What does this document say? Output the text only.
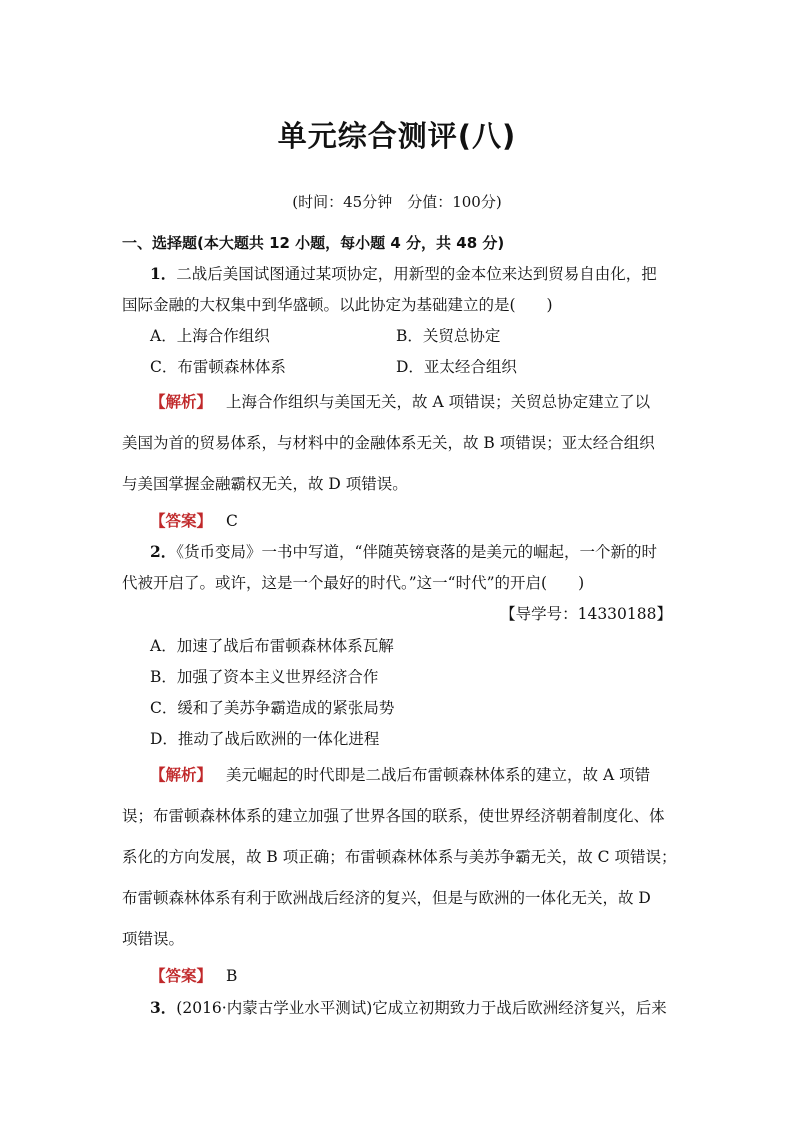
单元综合测评(八)
(时间：45分钟　分值：100分)
一、选择题(本大题共 12 小题，每小题 4 分，共 48 分)
1．二战后美国试图通过某项协定，用新型的金本位来达到贸易自由化，把
国际金融的大权集中到华盛顿。以此协定为基础建立的是(　　)
A．上海合作组织	B．关贸总协定
C．布雷顿森林体系	D．亚太经合组织
【解析】 上海合作组织与美国无关，故 A 项错误；关贸总协定建立了以
美国为首的贸易体系，与材料中的金融体系无关，故 B 项错误；亚太经合组织
与美国掌握金融霸权无关，故 D 项错误。
【答案】 C
2．《货币变局》一书中写道，“伴随英镑衰落的是美元的崛起，一个新的时
代被开启了。或许，这是一个最好的时代。”这一“时代”的开启(　　)
【导学号：14330188】
A．加速了战后布雷顿森林体系瓦解
B．加强了资本主义世界经济合作
C．缓和了美苏争霸造成的紧张局势
D．推动了战后欧洲的一体化进程
【解析】 美元崛起的时代即是二战后布雷顿森林体系的建立，故 A 项错
误；布雷顿森林体系的建立加强了世界各国的联系，使世界经济朝着制度化、体
系化的方向发展，故 B 项正确；布雷顿森林体系与美苏争霸无关，故 C 项错误；
布雷顿森林体系有利于欧洲战后经济的复兴，但是与欧洲的一体化无关，故 D
项错误。
【答案】 B
3．(2016·内蒙古学业水平测试)它成立初期致力于战后欧洲经济复兴，后来
